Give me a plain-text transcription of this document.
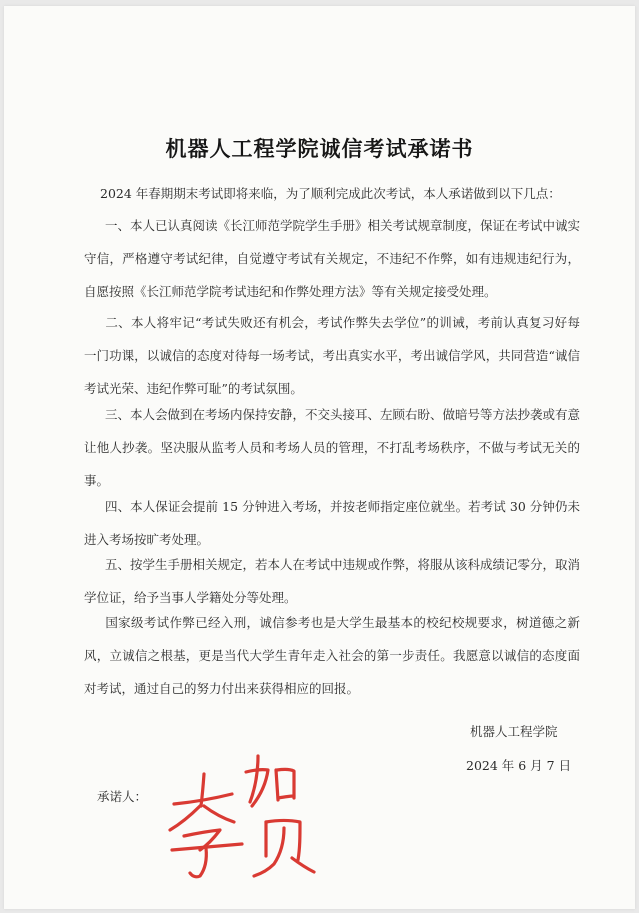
机器人工程学院诚信考试承诺书
2024 年春期期末考试即将来临，为了顺利完成此次考试，本人承诺做到以下几点：
一、本人已认真阅读《长江师范学院学生手册》相关考试规章制度，保证在考试中诚实守信，严格遵守考试纪律，自觉遵守考试有关规定，不违纪不作弊，如有违规违纪行为，自愿按照《长江师范学院考试违纪和作弊处理方法》等有关规定接受处理。
二、本人将牢记“考试失败还有机会，考试作弊失去学位”的训诫，考前认真复习好每一门功课，以诚信的态度对待每一场考试，考出真实水平，考出诚信学风，共同营造“诚信考试光荣、违纪作弊可耻”的考试氛围。
三、本人会做到在考场内保持安静，不交头接耳、左顾右盼、做暗号等方法抄袭或有意让他人抄袭。坚决服从监考人员和考场人员的管理，不打乱考场秩序，不做与考试无关的事。
四、本人保证会提前 15 分钟进入考场，并按老师指定座位就坐。若考试 30 分钟仍未进入考场按旷考处理。
五、按学生手册相关规定，若本人在考试中违规或作弊，将服从该科成绩记零分，取消学位证，给予当事人学籍处分等处理。
国家级考试作弊已经入刑，诚信参考也是大学生最基本的校纪校规要求，树道德之新风，立诚信之根基，更是当代大学生青年走入社会的第一步责任。我愿意以诚信的态度面对考试，通过自己的努力付出来获得相应的回报。
机器人工程学院
2024 年 6 月 7 日
承诺人：
